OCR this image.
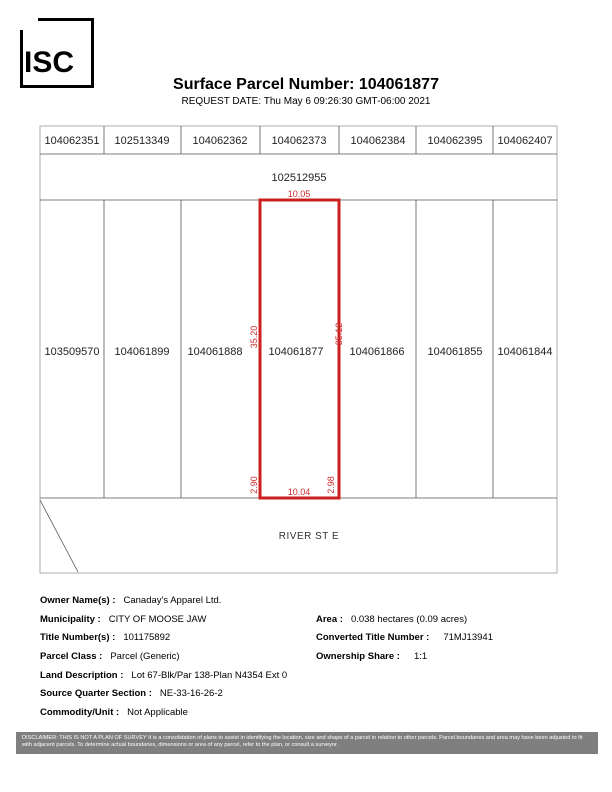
ISC
Surface Parcel Number: 104061877
REQUEST DATE: Thu May 6 09:26:30 GMT-06:00 2021
104062351 102513349 104062362 104062373 104062384 104062395 104062407
102512955
103509570 104061899 104061888 104061877 104061866 104061855 104061844
10.05
10.04
35.20	35.12
2.90	2.98
RIVER ST E
Owner Name(s) : Canaday's Apparel Ltd.
Municipality : CITY OF MOOSE JAW	Area : 0.038 hectares (0.09 acres)
Title Number(s) : 101175892	Converted Title Number : 71MJ13941
Parcel Class : Parcel (Generic)	Ownership Share : 1:1
Land Description : Lot 67-Blk/Par 138-Plan N4354 Ext 0
Source Quarter Section : NE-33-16-26-2
Commodity/Unit : Not Applicable
DISCLAIMER: THIS IS NOT A PLAN OF SURVEY It is a consolidation of plans to assist in identifying the location, size and shape of a parcel in relation to other parcels. Parcel boundaries and area may have been adjusted to fit with adjacent parcels. To determine actual boundaries, dimensions or area of any parcel, refer to the plan, or consult a surveyor.
